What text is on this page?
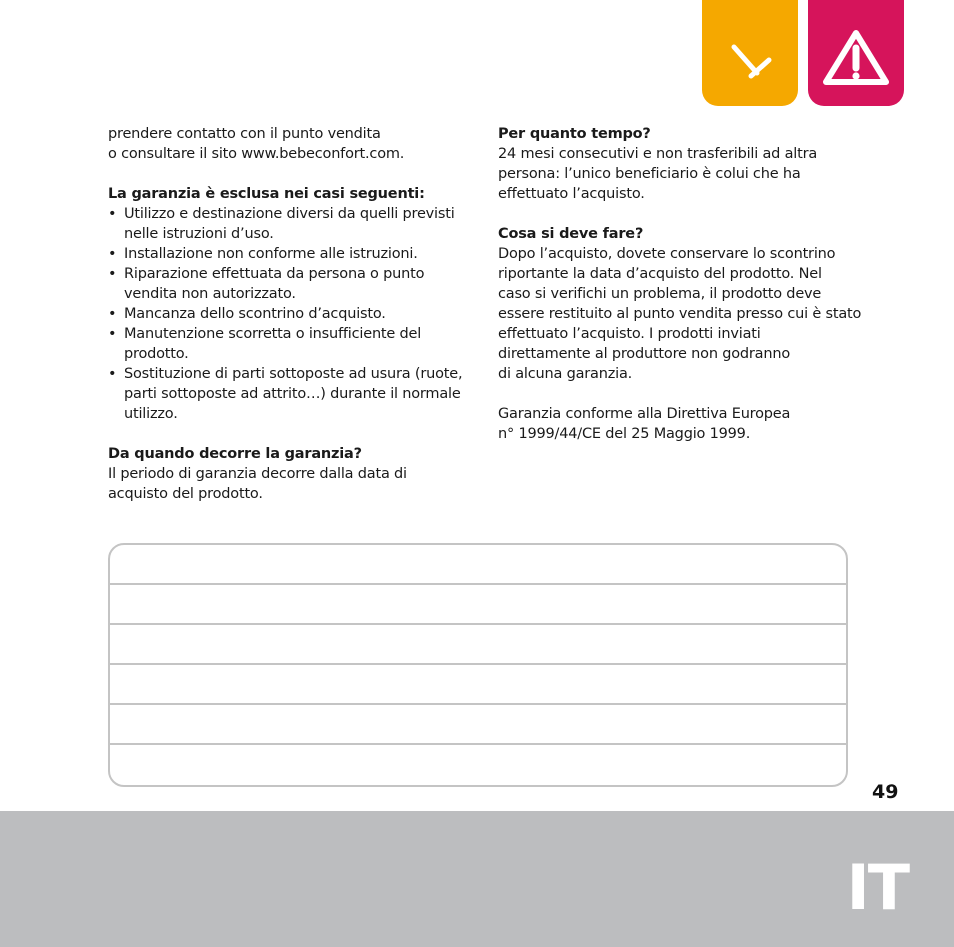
prendere contatto con il punto vendita

o consultare il sito www.bebeconfort.com.

La garanzia è esclusa nei casi seguenti:

• Utilizzo e destinazione diversi da quelli previsti
nelle istruzioni d’uso.
• Installazione non conforme alle istruzioni.
• Riparazione effettuata da persona o punto
vendita non autorizzato.
• Mancanza dello scontrino d’acquisto.
• Manutenzione scorretta o insufficiente del
prodotto.
• Sostituzione di parti sottoposte ad usura (ruote,
parti sottoposte ad attrito…) durante il normale
utilizzo.

Da quando decorre la garanzia?

Il periodo di garanzia decorre dalla data di

acquisto del prodotto.

Per quanto tempo?

24 mesi consecutivi e non trasferibili ad altra

persona: l’unico beneficiario è colui che ha

effettuato l’acquisto.

Cosa si deve fare?

Dopo l’acquisto, dovete conservare lo scontrino

riportante la data d’acquisto del prodotto. Nel

caso si verifichi un problema, il prodotto deve

essere restituito al punto vendita presso cui è stato

effettuato l’acquisto. I prodotti inviati

direttamente al produttore non godranno

di alcuna garanzia.

Garanzia conforme alla Direttiva Europea

n° 1999/44/CE del 25 Maggio 1999.

49
IT
